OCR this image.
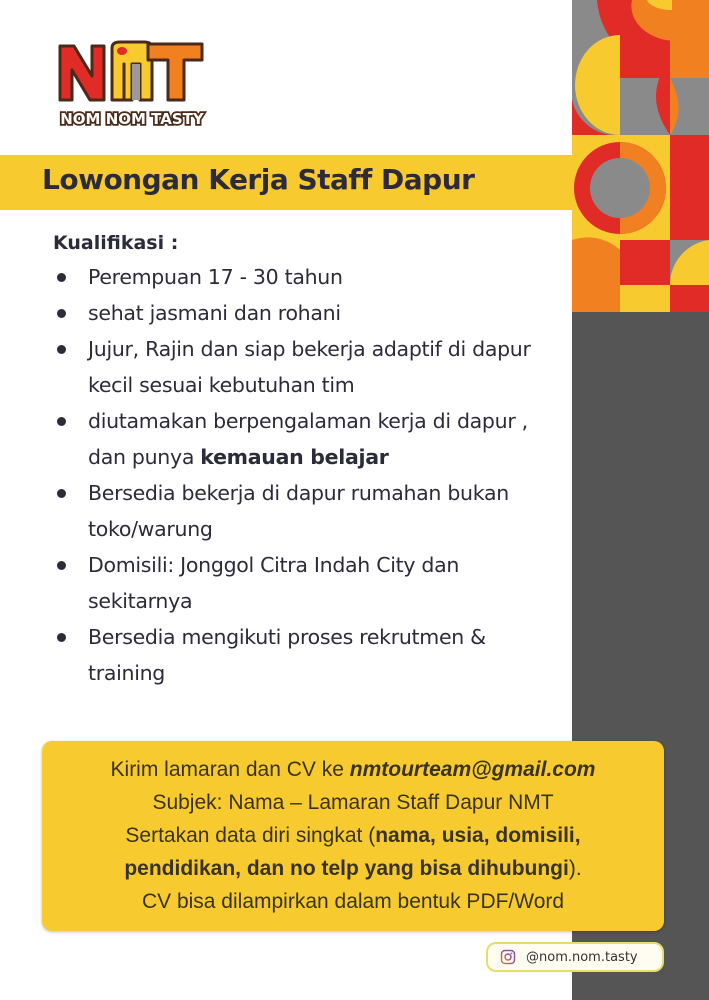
NOM NOM TASTY
Lowongan Kerja Staff Dapur
Kualifikasi :
Perempuan 17 - 30 tahun
sehat jasmani dan rohani
Jujur, Rajin dan siap bekerja adaptif di dapur kecil sesuai kebutuhan tim
diutamakan berpengalaman kerja di dapur , dan punya kemauan belajar
Bersedia bekerja di dapur rumahan bukan toko/warung
Domisili: Jonggol Citra Indah City dan sekitarnya
Bersedia mengikuti proses rekrutmen & training
Kirim lamaran dan CV ke nmtourteam@gmail.com
Subjek: Nama – Lamaran Staff Dapur NMT
Sertakan data diri singkat (nama, usia, domisili,
pendidikan, dan no telp yang bisa dihubungi).
CV bisa dilampirkan dalam bentuk PDF/Word
@nom.nom.tasty
